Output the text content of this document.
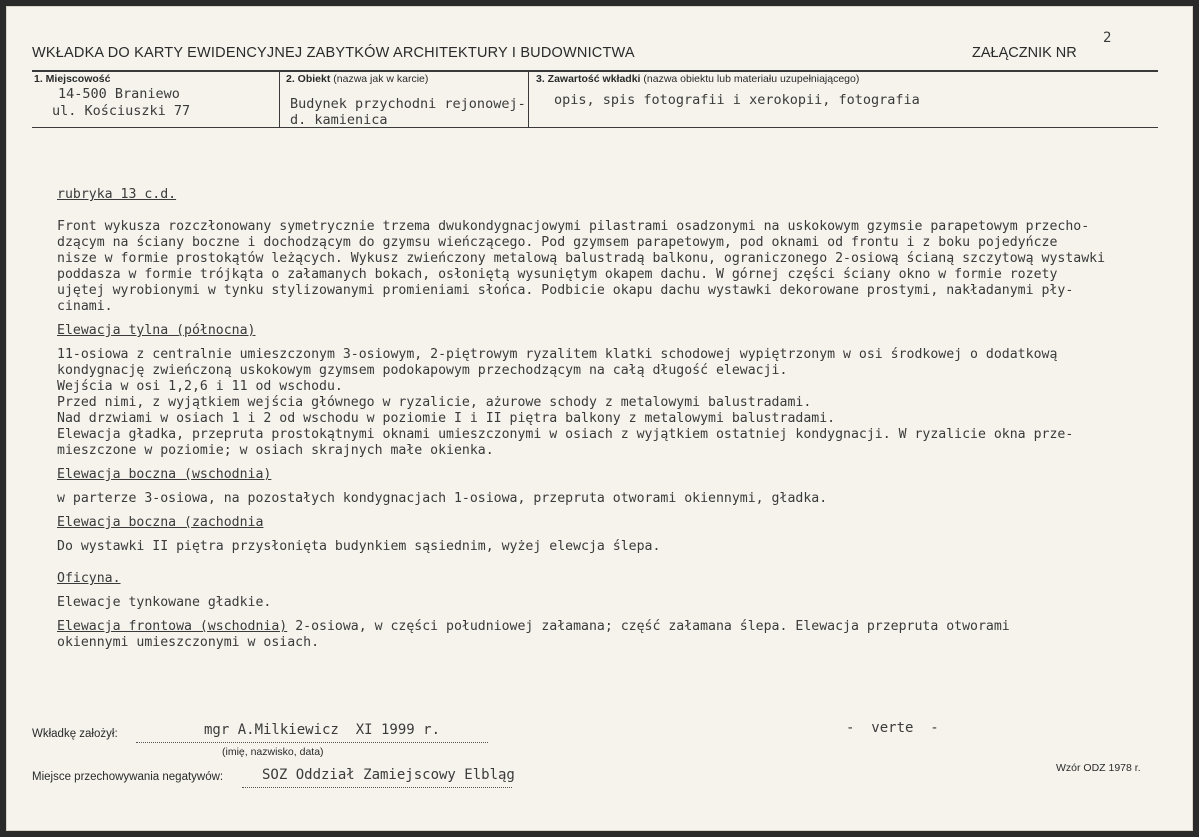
WKŁADKA DO KARTY EWIDENCYJNEJ ZABYTKÓW ARCHITEKTURY I BUDOWNICTWA	ZAŁĄCZNIK NR
2
1. Miejscowość
14-500 Braniewo
ul. Kościuszki 77
2. Obiekt (nazwa jak w karcie)
Budynek przychodni rejonowej-
d. kamienica
3. Zawartość wkładki (nazwa obiektu lub materiału uzupełniającego)
opis, spis fotografii i xerokopii, fotografia
rubryka 13 c.d.
Front wykusza rozczłonowany symetrycznie trzema dwukondygnacjowymi pilastrami osadzonymi na uskokowym gzymsie parapetowym przecho-
dzącym na ściany boczne i dochodzącym do gzymsu wieńczącego. Pod gzymsem parapetowym, pod oknami od frontu i z boku pojedyńcze
nisze w formie prostokątów leżących. Wykusz zwieńczony metalową balustradą balkonu, ograniczonego 2-osiową ścianą szczytową wystawki
poddasza w formie trójkąta o załamanych bokach, osłoniętą wysuniętym okapem dachu. W górnej części ściany okno w formie rozety
ujętej wyrobionymi w tynku stylizowanymi promieniami słońca. Podbicie okapu dachu wystawki dekorowane prostymi, nakładanymi pły-
cinami.
Elewacja tylna (północna)
11-osiowa z centralnie umieszczonym 3-osiowym, 2-piętrowym ryzalitem klatki schodowej wypiętrzonym w osi środkowej o dodatkową
kondygnację zwieńczoną uskokowym gzymsem podokapowym przechodzącym na całą długość elewacji.
Wejścia w osi 1,2,6 i 11 od wschodu.
Przed nimi, z wyjątkiem wejścia głównego w ryzalicie, ażurowe schody z metalowymi balustradami.
Nad drzwiami w osiach 1 i 2 od wschodu w poziomie I i II piętra balkony z metalowymi balustradami.
Elewacja gładka, przepruta prostokątnymi oknami umieszczonymi w osiach z wyjątkiem ostatniej kondygnacji. W ryzalicie okna prze-
mieszczone w poziomie; w osiach skrajnych małe okienka.
Elewacja boczna (wschodnia)
w parterze 3-osiowa, na pozostałych kondygnacjach 1-osiowa, przepruta otworami okiennymi, gładka.
Elewacja boczna (zachodnia
Do wystawki II piętra przysłonięta budynkiem sąsiednim, wyżej elewcja ślepa.
Oficyna.
Elewacje tynkowane gładkie.
Elewacja frontowa (wschodnia) 2-osiowa, w części południowej załamana; część załamana ślepa. Elewacja przepruta otworami
okiennymi umieszczonymi w osiach.
Wkładkę założył:	mgr A.Milkiewicz  XI 1999 r.
(imię, nazwisko, data)
-  verte  -
Miejsce przechowywania negatywów:	SOZ Oddział Zamiejscowy Elbląg	Wzór ODZ 1978 r.
